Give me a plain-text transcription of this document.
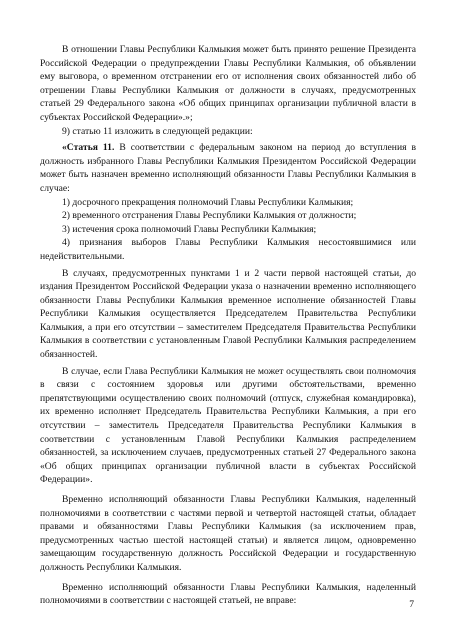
В отношении Главы Республики Калмыкия может быть принято решение Президента Российской Федерации о предупреждении Главы Республики Калмыкия, об объявлении ему выговора, о временном отстранении его от исполнения своих обязанностей либо об отрешении Главы Республики Калмыкия от должности в случаях, предусмотренных статьей 29 Федерального закона «Об общих принципах организации публичной власти в субъектах Российской Федерации».»;

9) статью 11 изложить в следующей редакции:

«Статья 11. В соответствии с федеральным законом на период до вступления в должность избранного Главы Республики Калмыкия Президентом Российской Федерации может быть назначен временно исполняющий обязанности Главы Республики Калмыкия в случае:

1) досрочного прекращения полномочий Главы Республики Калмыкия;

2) временного отстранения Главы Республики Калмыкия от должности;

3) истечения срока полномочий Главы Республики Калмыкия;

4) признания выборов Главы Республики Калмыкия несостоявшимися или недействительными.

В случаях, предусмотренных пунктами 1 и 2 части первой настоящей статьи, до издания Президентом Российской Федерации указа о назначении временно исполняющего обязанности Главы Республики Калмыкия временное исполнение обязанностей Главы Республики Калмыкия осуществляется Председателем Правительства Республики Калмыкия, а при его отсутствии – заместителем Председателя Правительства Республики Калмыкия в соответствии с установленным Главой Республики Калмыкия распределением обязанностей.

В случае, если Глава Республики Калмыкия не может осуществлять свои полномочия в связи с состоянием здоровья или другими обстоятельствами, временно препятствующими осуществлению своих полномочий (отпуск, служебная командировка), их временно исполняет Председатель Правительства Республики Калмыкия, а при его отсутствии – заместитель Председателя Правительства Республики Калмыкия в соответствии с установленным Главой Республики Калмыкия распределением обязанностей, за исключением случаев, предусмотренных статьей 27 Федерального закона «Об общих принципах организации публичной власти в субъектах Российской Федерации».

Временно исполняющий обязанности Главы Республики Калмыкия, наделенный полномочиями в соответствии с частями первой и четвертой настоящей статьи, обладает правами и обязанностями Главы Республики Калмыкия (за исключением прав, предусмотренных частью шестой настоящей статьи) и является лицом, одновременно замещающим государственную должность Российской Федерации и государственную должность Республики Калмыкия.

Временно исполняющий обязанности Главы Республики Калмыкия, наделенный полномочиями в соответствии с настоящей статьей, не вправе:	7
